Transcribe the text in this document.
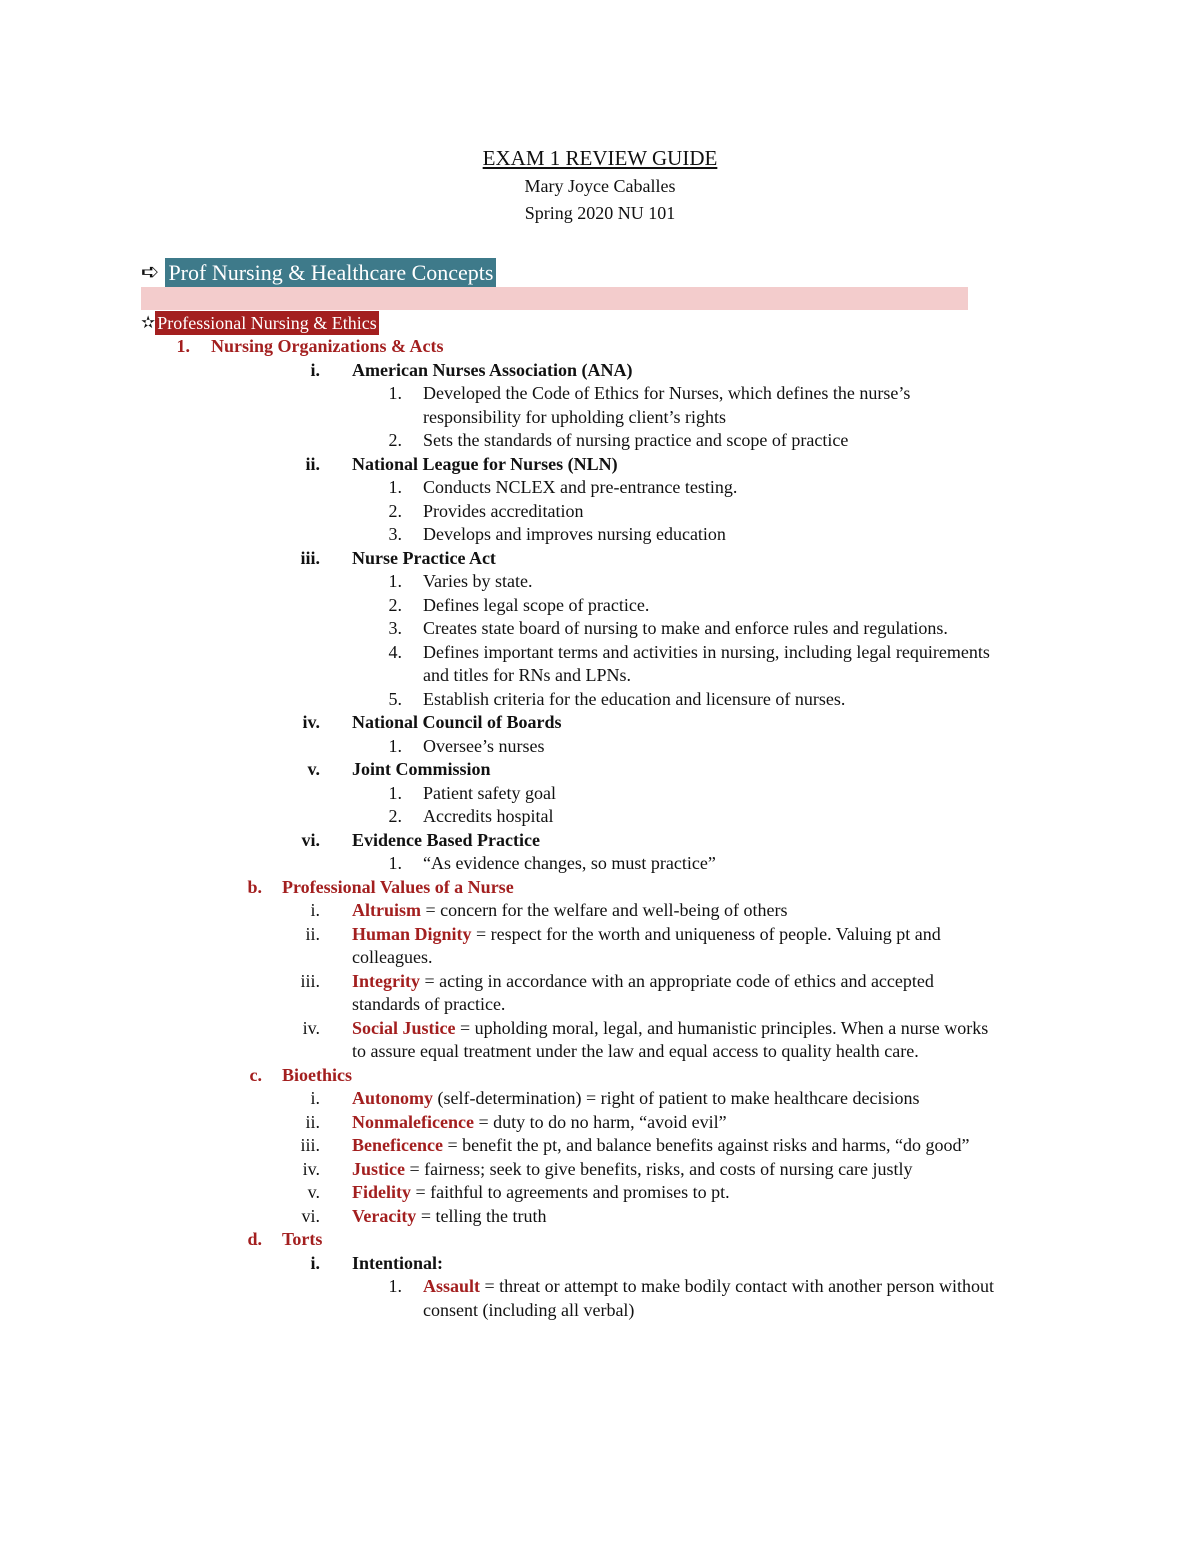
EXAM 1 REVIEW GUIDE
Mary Joyce Caballes
Spring 2020 NU 101
➪ Prof Nursing & Healthcare Concepts
✫ Professional Nursing & Ethics
1. Nursing Organizations & Acts
i. American Nurses Association (ANA)
1. Developed the Code of Ethics for Nurses, which defines the nurse’s
responsibility for upholding client’s rights
2. Sets the standards of nursing practice and scope of practice
ii. National League for Nurses (NLN)
1. Conducts NCLEX and pre-entrance testing.
2. Provides accreditation
3. Develops and improves nursing education
iii. Nurse Practice Act
1. Varies by state.
2. Defines legal scope of practice.
3. Creates state board of nursing to make and enforce rules and regulations.
4. Defines important terms and activities in nursing, including legal requirements
and titles for RNs and LPNs.
5. Establish criteria for the education and licensure of nurses.
iv. National Council of Boards
1. Oversee’s nurses
v. Joint Commission
1. Patient safety goal
2. Accredits hospital
vi. Evidence Based Practice
1. “As evidence changes, so must practice”
b. Professional Values of a Nurse
i. Altruism = concern for the welfare and well-being of others
ii. Human Dignity = respect for the worth and uniqueness of people. Valuing pt and
colleagues.
iii. Integrity = acting in accordance with an appropriate code of ethics and accepted
standards of practice.
iv. Social Justice = upholding moral, legal, and humanistic principles. When a nurse works
to assure equal treatment under the law and equal access to quality health care.
c. Bioethics
i. Autonomy (self-determination) = right of patient to make healthcare decisions
ii. Nonmaleficence = duty to do no harm, “avoid evil”
iii. Beneficence = benefit the pt, and balance benefits against risks and harms, “do good”
iv. Justice = fairness; seek to give benefits, risks, and costs of nursing care justly
v. Fidelity = faithful to agreements and promises to pt.
vi. Veracity = telling the truth
d. Torts
i. Intentional:
1. Assault = threat or attempt to make bodily contact with another person without
consent (including all verbal)
